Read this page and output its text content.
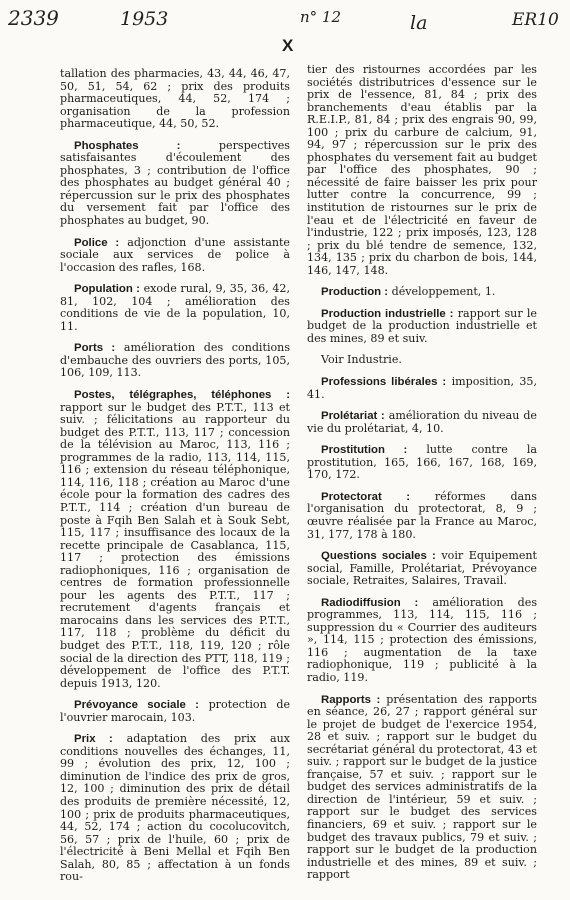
2339	1953	n° 12	la	ER10
X

tallation des pharmacies, 43, 44, 46, 47, 50, 51, 54, 62 ; prix des produits pharmaceutiques, 44, 52, 174 ; organisation de la profession pharmaceutique, 44, 50, 52.

Phosphates :	perspectives satisfaisantes d'écoulement des phosphates, 3 ; contribution de l'office des phosphates au budget général 40 ; répercussion sur le prix des phosphates du versement fait par l'office des phosphates au budget, 90.

Police : adjonction d'une assistante sociale aux services de police à l'occasion des rafles, 168.

Population : exode rural, 9, 35, 36, 42, 81, 102, 104 ; amélioration des conditions de vie de la population, 10, 11.

Ports : amélioration des conditions d'embauche des ouvriers des ports, 105, 106, 109, 113.

Postes, télégraphes, téléphones : rapport sur le budget des P.T.T., 113 et suiv. ; félicitations au rapporteur du budget des P.T.T., 113, 117 ; concession de la télévision au Maroc, 113, 116 ; programmes de la radio, 113, 114, 115, 116 ; extension du réseau téléphonique, 114, 116, 118 ; création au Maroc d'une école pour la formation des cadres des P.T.T., 114 ; création d'un bureau de poste à Fqih Ben Salah et à Souk Sebt, 115, 117 ; insuffisance des locaux de la recette principale de Casablanca, 115, 117 ; protection des émissions radiophoniques, 116 ; organisation de centres de formation professionnelle pour les agents des P.T.T., 117 ; recrutement d'agents français et marocains dans les services des P.T.T., 117, 118 ; problème du déficit du budget des P.T.T., 118, 119, 120 ; rôle social de la direction des PTT, 118, 119 ; développement de l'office des P.T.T. depuis 1913, 120.

Prévoyance sociale : protection de l'ouvrier marocain, 103.

Prix : adaptation des prix aux conditions nouvelles des échanges, 11, 99 ; évolution des prix, 12, 100 ; diminution de l'indice des prix de gros, 12, 100 ; diminution des prix de détail des produits de première nécessité, 12, 100 ; prix de produits pharmaceutiques, 44, 52, 174 ; action du cocolucovitch, 56, 57 ; prix de l'huile, 60 ; prix de l'électricité à Beni Mellal et Fqih Ben Salah, 80, 85 ; affectation à un fonds rou-

tier des ristournes accordées par les sociétés distributrices d'essence sur le prix de l'essence, 81, 84 ; prix des branchements d'eau établis par la R.E.I.P., 81, 84 ; prix des engrais 90, 99, 100 ; prix du carbure de calcium, 91, 94, 97 ; répercussion sur le prix des phosphates du versement fait au budget par l'office des phosphates, 90 ; nécessité de faire baisser les prix pour lutter contre la concurrence, 99 ; institution de ristournes sur le prix de l'eau et de l'électricité en faveur de l'industrie, 122 ; prix imposés, 123, 128 ; prix du blé tendre de semence, 132, 134, 135 ; prix du charbon de bois, 144, 146, 147, 148.

Production : développement, 1.

Production industrielle : rapport sur le budget de la production industrielle et des mines, 89 et suiv.

Voir Industrie.

Professions libérales : imposition, 35, 41.

Prolétariat : amélioration du niveau de vie du prolétariat, 4, 10.

Prostitution : lutte contre la prostitution, 165, 166, 167, 168, 169, 170, 172.

Protectorat : réformes dans l'organisation du protectorat, 8, 9 ; œuvre réalisée par la France au Maroc, 31, 177, 178 à 180.

Questions sociales : voir Equipement social, Famille, Prolétariat, Prévoyance sociale, Retraites, Salaires, Travail.

Radiodiffusion : amélioration des programmes, 113, 114, 115, 116 ; suppression du « Courrier des auditeurs », 114, 115 ; protection des émissions, 116 ; augmentation de la taxe radiophonique, 119 ; publicité à la radio, 119.

Rapports : présentation des rapports en séance, 26, 27 ; rapport général sur le projet de budget de l'exercice 1954, 28 et suiv. ; rapport sur le budget du secrétariat général du protectorat, 43 et suiv. ; rapport sur le budget de la justice française, 57 et suiv. ; rapport sur le budget des services administratifs de la direction de l'intérieur, 59 et suiv. ; rapport sur le budget des services financiers, 69 et suiv. ; rapport sur le budget des travaux publics, 79 et suiv. ; rapport sur le budget de la production industrielle et des mines, 89 et suiv. ; rapport
